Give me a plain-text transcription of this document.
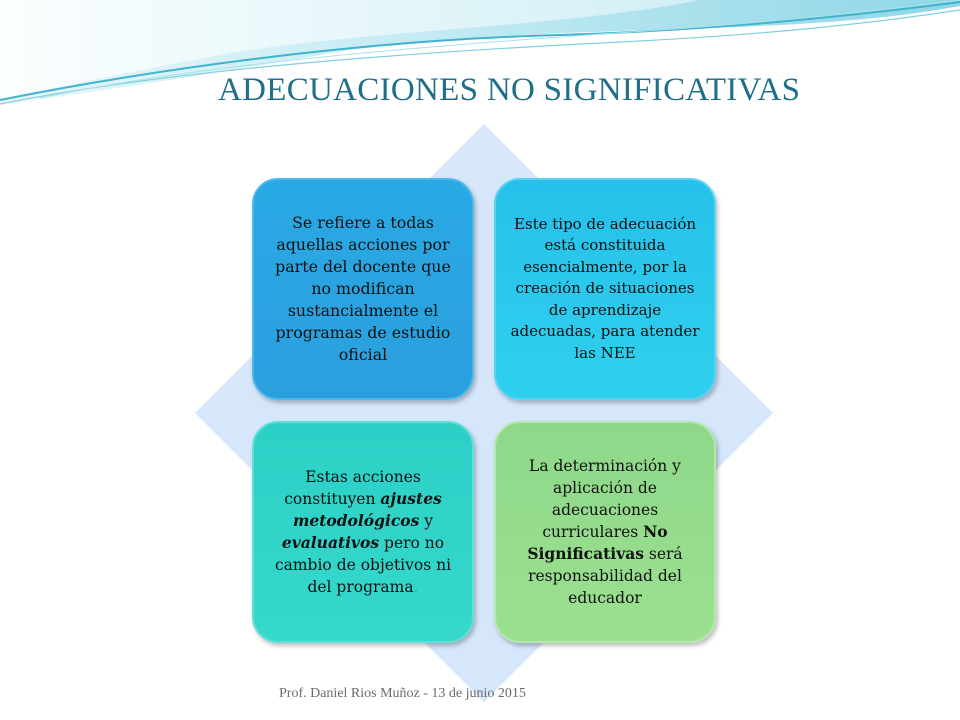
ADECUACIONES NO SIGNIFICATIVAS
Se refiere a todas aquellas acciones por parte del docente que no modifican sustancialmente el programas de estudio oficial
Este tipo de adecuación está constituida esencialmente, por la creación de situaciones de aprendizaje adecuadas, para atender las NEE
Estas acciones constituyen ajustes metodológicos y evaluativos pero no cambio de objetivos ni del programa.
La determinación y aplicación de adecuaciones curriculares No Significativas será responsabilidad del educador
Prof. Daniel Rios Muñoz - 13 de junio 2015
